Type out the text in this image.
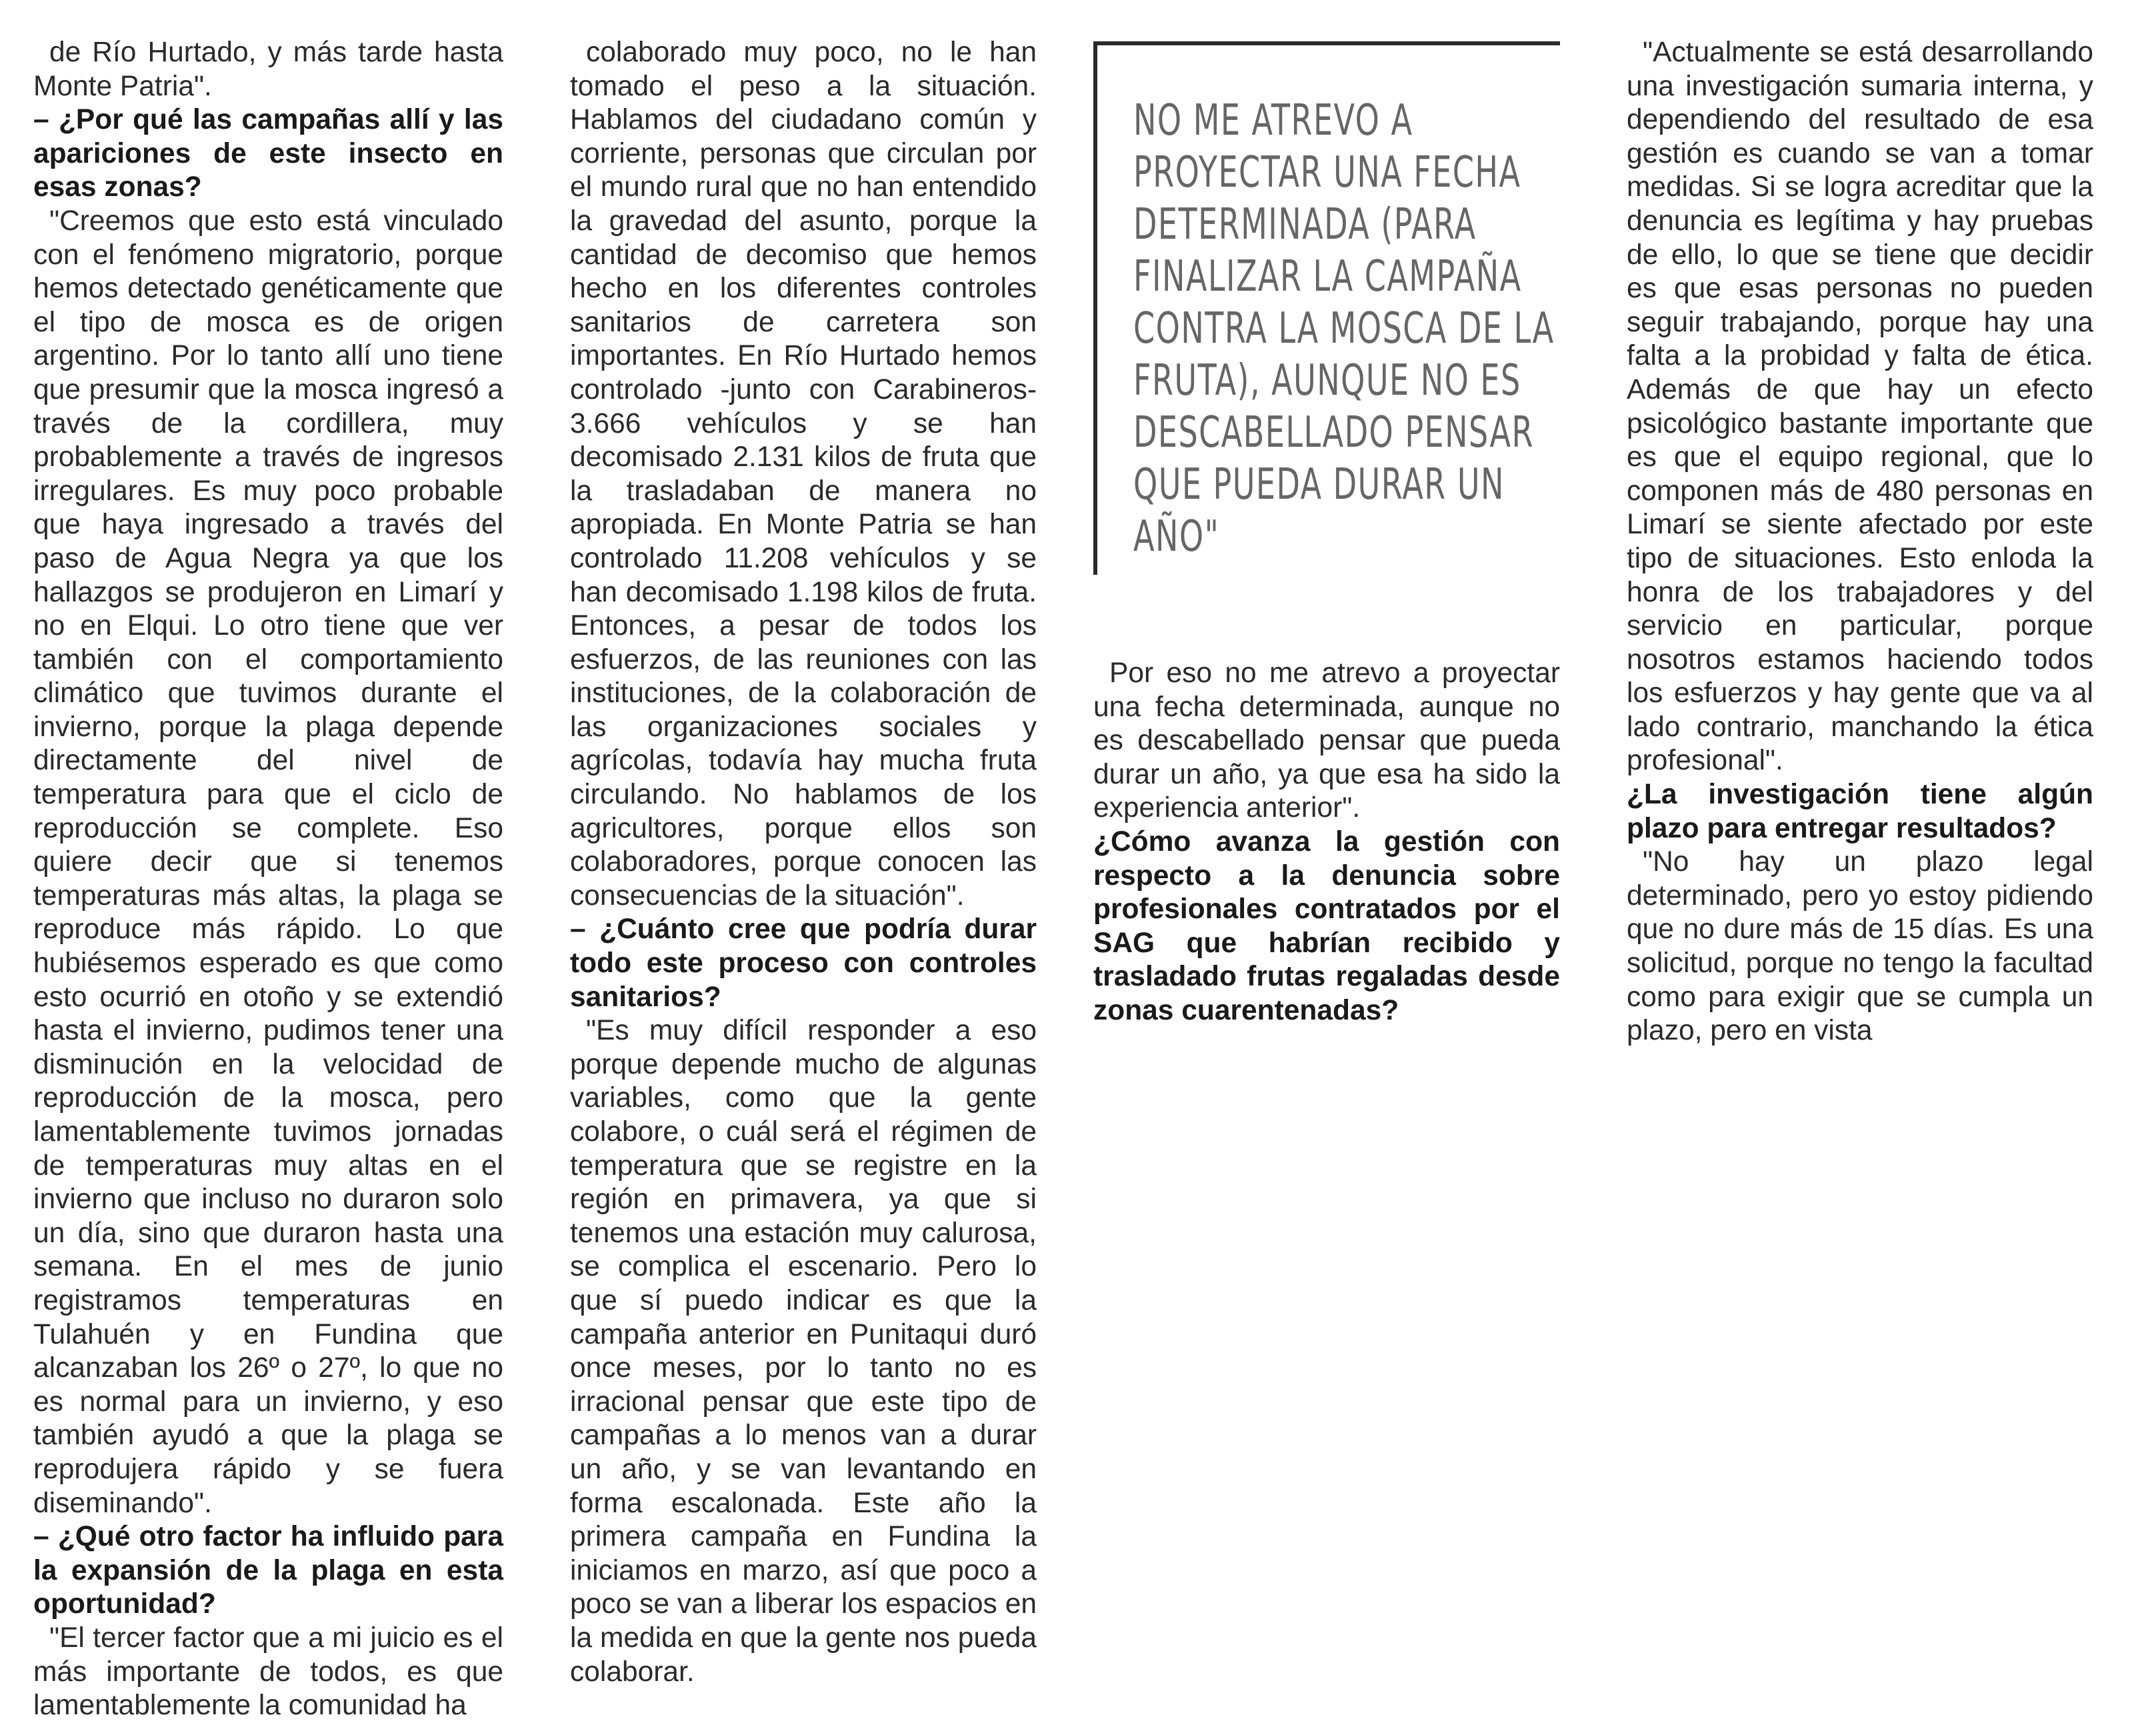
de Río Hurtado, y más tarde hasta Monte Patria".

– ¿Por qué las campañas allí y las apariciones de este insecto en esas zonas?

"Creemos que esto está vinculado con el fenómeno migratorio, porque hemos detectado genéticamente que el tipo de mosca es de origen argentino. Por lo tanto allí uno tiene que presumir que la mosca ingresó a través de la cordillera, muy probablemente a través de ingresos irregulares. Es muy poco probable que haya ingresado a través del paso de Agua Negra ya que los hallazgos se produjeron en Limarí y no en Elqui. Lo otro tiene que ver también con el comportamiento climático que tuvimos durante el invierno, porque la plaga depende directamente del nivel de temperatura para que el ciclo de reproducción se complete. Eso quiere decir que si tenemos temperaturas más altas, la plaga se reproduce más rápido. Lo que hubiésemos esperado es que como esto ocurrió en otoño y se extendió hasta el invierno, pudimos tener una disminución en la velocidad de reproducción de la mosca, pero lamentablemente tuvimos jornadas de temperaturas muy altas en el invierno que incluso no duraron solo un día, sino que duraron hasta una semana. En el mes de junio registramos temperaturas en Tulahuén y en Fundina que alcanzaban los 26º o 27º, lo que no es normal para un invierno, y eso también ayudó a que la plaga se reprodujera rápido y se fuera diseminando".

– ¿Qué otro factor ha influido para la expansión de la plaga en esta oportunidad?

"El tercer factor que a mi juicio es el más importante de todos, es que lamentablemente la comunidad ha

colaborado muy poco, no le han tomado el peso a la situación. Hablamos del ciudadano común y corriente, personas que circulan por el mundo rural que no han entendido la gravedad del asunto, porque la cantidad de decomiso que hemos hecho en los diferentes controles sanitarios de carretera son importantes. En Río Hurtado hemos controlado -junto con Carabineros- 3.666 vehículos y se han decomisado 2.131 kilos de fruta que la trasladaban de manera no apropiada. En Monte Patria se han controlado 11.208 vehículos y se han decomisado 1.198 kilos de fruta. Entonces, a pesar de todos los esfuerzos, de las reuniones con las instituciones, de la colaboración de las organizaciones sociales y agrícolas, todavía hay mucha fruta circulando. No hablamos de los agricultores, porque ellos son colaboradores, porque conocen las consecuencias de la situación".

– ¿Cuánto cree que podría durar todo este proceso con controles sanitarios?

"Es muy difícil responder a eso porque depende mucho de algunas variables, como que la gente colabore, o cuál será el régimen de temperatura que se registre en la región en primavera, ya que si tenemos una estación muy calurosa, se complica el escenario. Pero lo que sí puedo indicar es que la campaña anterior en Punitaqui duró once meses, por lo tanto no es irracional pensar que este tipo de campañas a lo menos van a durar un año, y se van levantando en forma escalonada. Este año la primera campaña en Fundina la iniciamos en marzo, así que poco a poco se van a liberar los espacios en la medida en que la gente nos pueda colaborar.

NO ME ATREVO A PROYECTAR UNA FECHA DETERMINADA (PARA FINALIZAR LA CAMPAÑA CONTRA LA MOSCA DE LA FRUTA), AUNQUE NO ES DESCABELLADO PENSAR QUE PUEDA DURAR UN AÑO"

Por eso no me atrevo a proyectar una fecha determinada, aunque no es descabellado pensar que pueda durar un año, ya que esa ha sido la experiencia anterior".

¿Cómo avanza la gestión con respecto a la denuncia sobre profesionales contratados por el SAG que habrían recibido y trasladado frutas regaladas desde zonas cuarentenadas?

"Actualmente se está desarrollando una investigación sumaria interna, y dependiendo del resultado de esa gestión es cuando se van a tomar medidas. Si se logra acreditar que la denuncia es legítima y hay pruebas de ello, lo que se tiene que decidir es que esas personas no pueden seguir trabajando, porque hay una falta a la probidad y falta de ética. Además de que hay un efecto psicológico bastante importante que es que el equipo regional, que lo componen más de 480 personas en Limarí se siente afectado por este tipo de situaciones. Esto enloda la honra de los trabajadores y del servicio en particular, porque nosotros estamos haciendo todos los esfuerzos y hay gente que va al lado contrario, manchando la ética profesional".

¿La investigación tiene algún plazo para entregar resultados?

"No hay un plazo legal determinado, pero yo estoy pidiendo que no dure más de 15 días. Es una solicitud, porque no tengo la facultad como para exigir que se cumpla un plazo, pero en vista
